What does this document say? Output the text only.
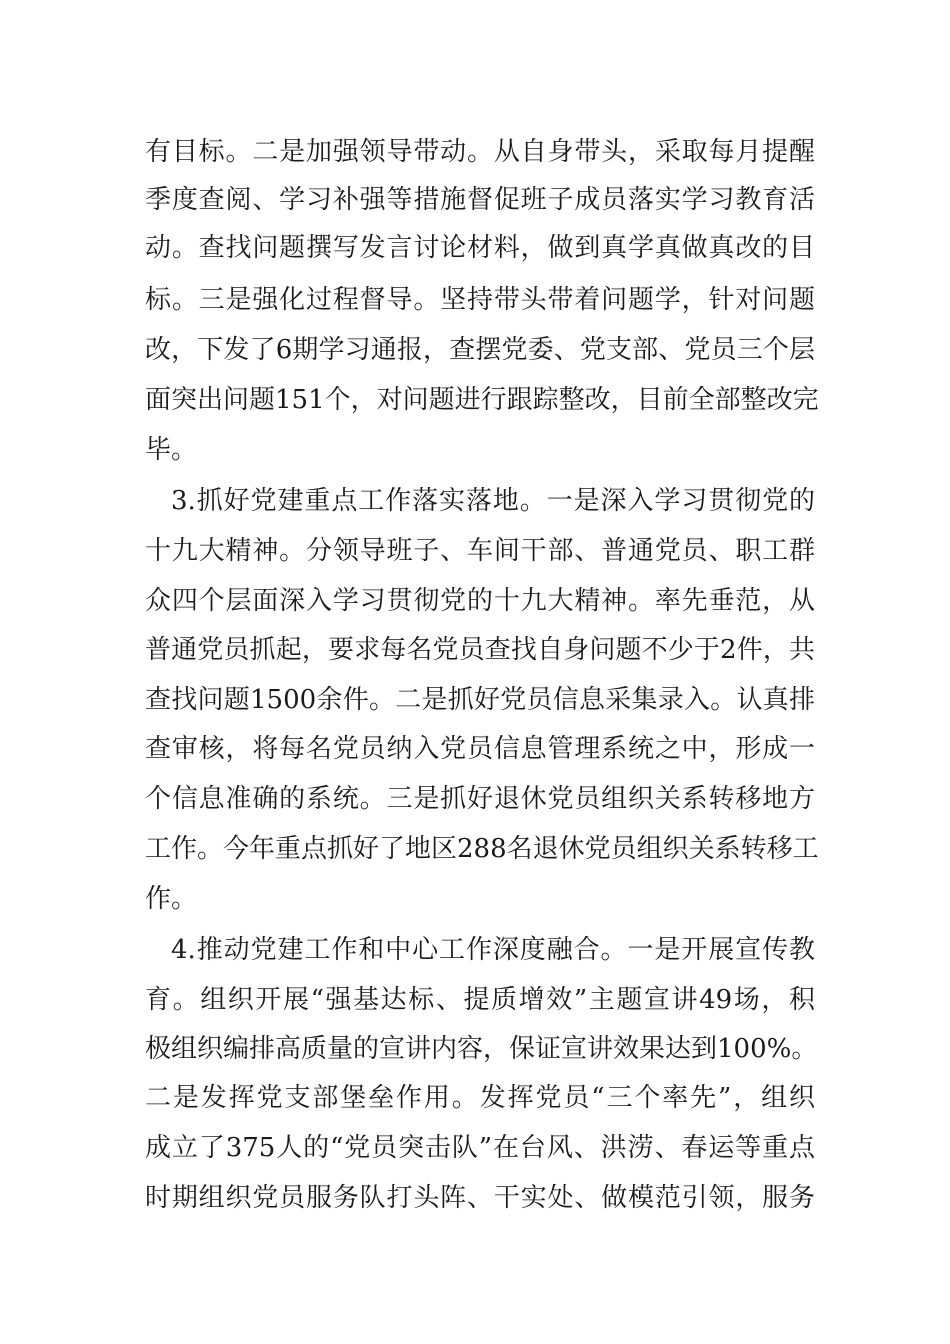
有目标。二是加强领导带动。从自身带头，采取每月提醒
季度查阅、学习补强等措施督促班子成员落实学习教育活
动。查找问题撰写发言讨论材料，做到真学真做真改的目
标。三是强化过程督导。坚持带头带着问题学，针对问题
改，下发了6期学习通报，查摆党委、党支部、党员三个层
面突出问题151个，对问题进行跟踪整改，目前全部整改完
毕。
3.抓好党建重点工作落实落地。一是深入学习贯彻党的
十九大精神。分领导班子、车间干部、普通党员、职工群
众四个层面深入学习贯彻党的十九大精神。率先垂范，从
普通党员抓起，要求每名党员查找自身问题不少于2件，共
查找问题1500余件。二是抓好党员信息采集录入。认真排
查审核，将每名党员纳入党员信息管理系统之中，形成一
个信息准确的系统。三是抓好退休党员组织关系转移地方
工作。今年重点抓好了地区288名退休党员组织关系转移工
作。
4.推动党建工作和中心工作深度融合。一是开展宣传教
育。组织开展“强基达标、提质增效”主题宣讲49场，积
极组织编排高质量的宣讲内容，保证宣讲效果达到100%。
二是发挥党支部堡垒作用。发挥党员“三个率先”，组织
成立了375人的“党员突击队”在台风、洪涝、春运等重点
时期组织党员服务队打头阵、干实处、做模范引领，服务
